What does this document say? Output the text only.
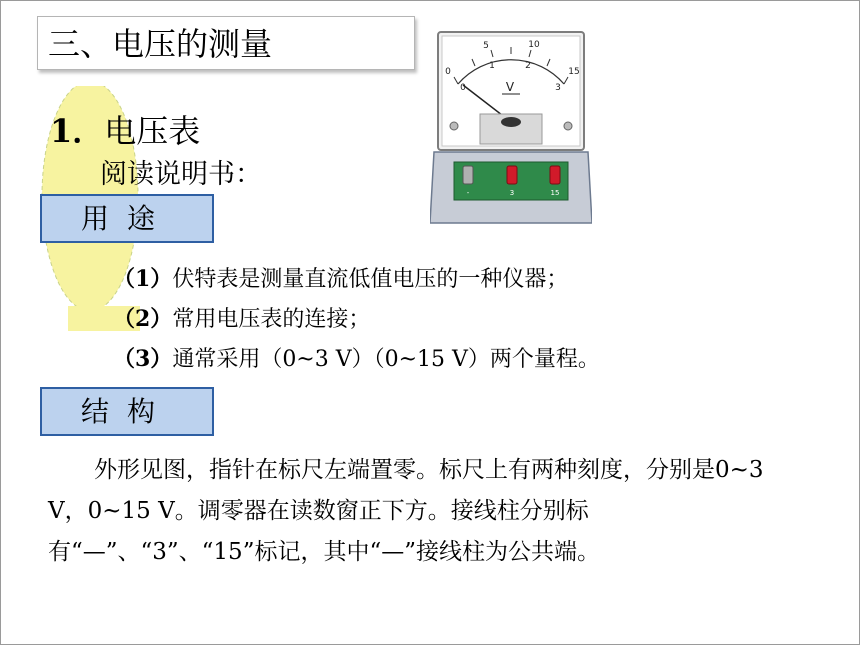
三、电压的测量
1．电压表
阅读说明书：
用途
（1）伏特表是测量直流低值电压的一种仪器；
（2）常用电压表的连接；
（3）通常采用（0~3 V）（0~15 V）两个量程。
结构
外形见图，指针在标尺左端置零。标尺上有两种刻度，分别是0~3 V，0~15 V。调零器在读数窗正下方。接线柱分别标有“—”、“3”、“15”标记，其中“—”接线柱为公共端。
0
5	10
15
0
1	2
3
V
-	3	15
